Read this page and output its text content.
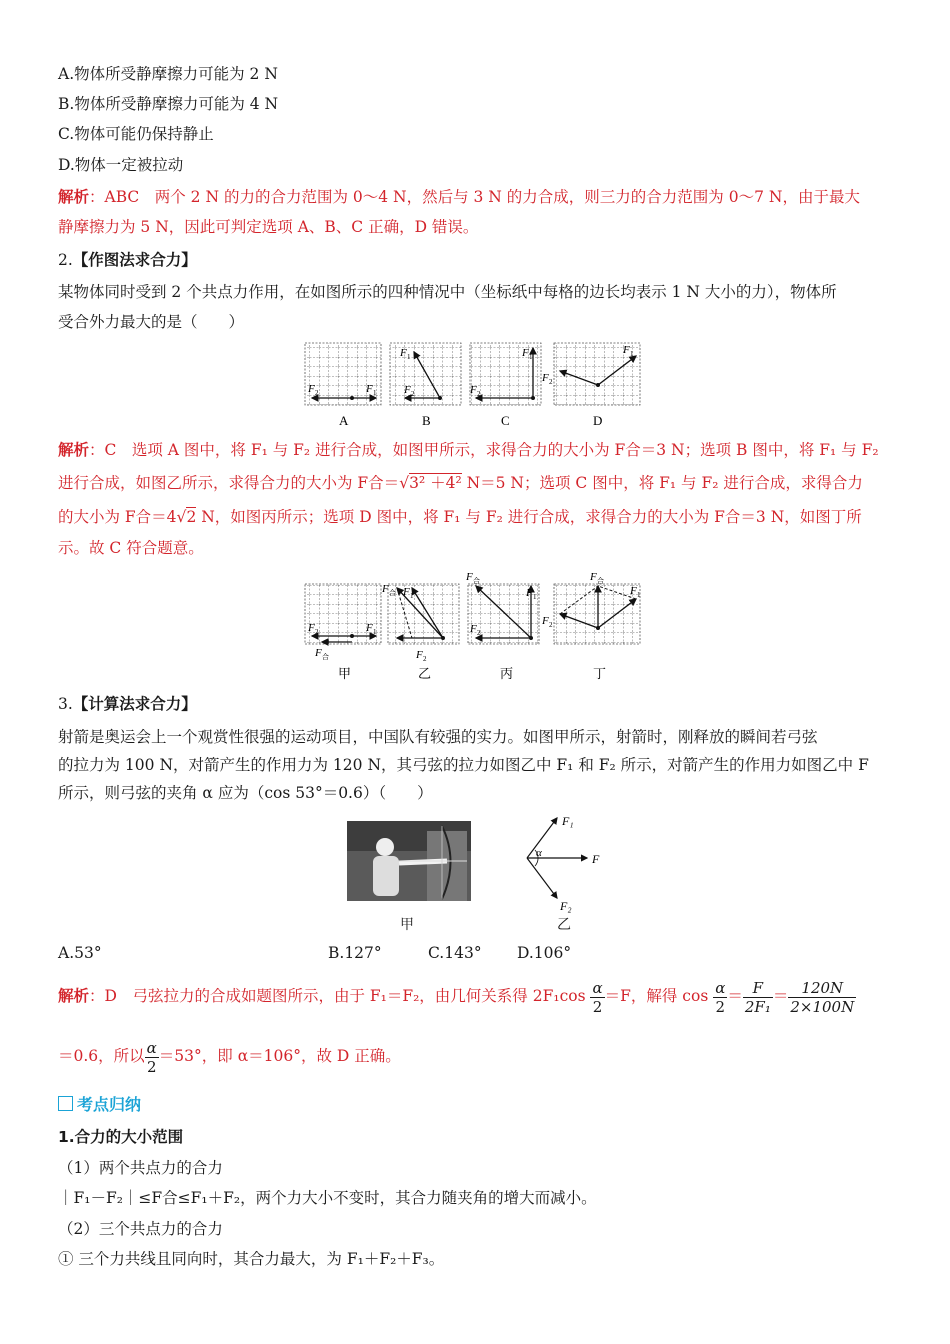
A.物体所受静摩擦力可能为 2 N
B.物体所受静摩擦力可能为 4 N
C.物体可能仍保持静止
D.物体一定被拉动
解析：ABC　两个 2 N 的力的合力范围为 0～4 N，然后与 3 N 的力合成，则三力的合力范围为 0～7 N，由于最大
静摩擦力为 5 N，因此可判定选项 A、B、C 正确，D 错误。
2.【作图法求合力】
某物体同时受到 2 个共点力作用，在如图所示的四种情况中（坐标纸中每格的边长均表示 1 N 大小的力），物体所
受合外力最大的是（　　）
F 2	F 1
F 1
F 2
F 1
F 2
F 1
F 2
A	B	C	D
解析：C　选项 A 图中，将 F₁ 与 F₂ 进行合成，如图甲所示，求得合力的大小为 F合＝3 N；选项 B 图中，将 F₁ 与 F₂
进行合成，如图乙所示，求得合力的大小为 F合＝√3² ＋4² N＝5 N；选项 C 图中，将 F₁ 与 F₂ 进行合成，求得合力
的大小为 F合＝4√2 N，如图丙所示；选项 D 图中，将 F₁ 与 F₂ 进行合成，求得合力的大小为 F合＝3 N，如图丁所
示。故 C 符合题意。
F 2	F 1
F 合
F 合 F 1
F 2
F 合
F 1
F 2
F 合
F 1
F 2
甲	乙	丙	丁
3.【计算法求合力】
射箭是奥运会上一个观赏性很强的运动项目，中国队有较强的实力。如图甲所示，射箭时，刚释放的瞬间若弓弦
的拉力为 100 N，对箭产生的作用力为 120 N，其弓弦的拉力如图乙中 F₁ 和 F₂ 所示，对箭产生的作用力如图乙中 F
所示，则弓弦的夹角 α 应为（cos 53°＝0.6）（　　）
甲
F₁
F₂
F
α
乙
A.53°	B.127°	C.143° D.106°
解析：D　弓弦拉力的合成如题图所示，由于 F₁＝F₂，由几何关系得 $2F_1\cos \frac{\alpha}{2} =F$，解得 $\cos \frac{\alpha}{2} = \frac{F}{\text{2F₁}} = \frac{120N}{2\times 100N}$
＝0.6，所以 $\frac{\alpha}{2} =53^\circ$，即 α＝106°，故 D 正确。
考点归纳
1.合力的大小范围
（1）两个共点力的合力
｜F₁－F₂｜≤F合≤F₁＋F₂，两个力大小不变时，其合力随夹角的增大而减小。
（2）三个共点力的合力
① 三个力共线且同向时，其合力最大，为 F₁＋F₂＋F₃。
